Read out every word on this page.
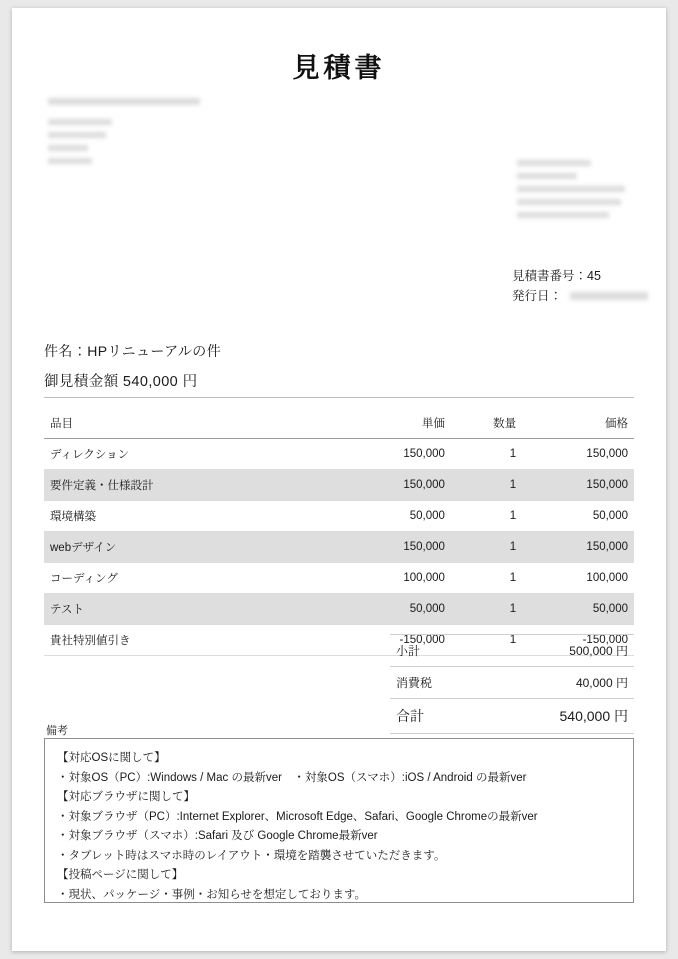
見積書
見積書番号：45
発行日：
件名：HPリニューアルの件
御見積金額 540,000 円
品目	単価	数量	価格
ディレクション	150,000	1	150,000
要件定義・仕様設計	150,000	1	150,000
環境構築	50,000	1	50,000
webデザイン	150,000	1	150,000
コーディング	100,000	1	100,000
テスト	50,000	1	50,000
貴社特別値引き	-150,000	1	-150,000
小計	500,000 円
消費税	40,000 円
合計	540,000 円
備考
【対応OSに関して】
・対象OS（PC）:Windows / Mac の最新ver　・対象OS（スマホ）:iOS / Android の最新ver
【対応ブラウザに関して】
・対象ブラウザ（PC）:Internet Explorer、Microsoft Edge、Safari、Google Chromeの最新ver
・対象ブラウザ（スマホ）:Safari 及び Google Chrome最新ver
・タブレット時はスマホ時のレイアウト・環境を踏襲させていただきます。
【投稿ページに関して】
・現状、パッケージ・事例・お知らせを想定しております。
